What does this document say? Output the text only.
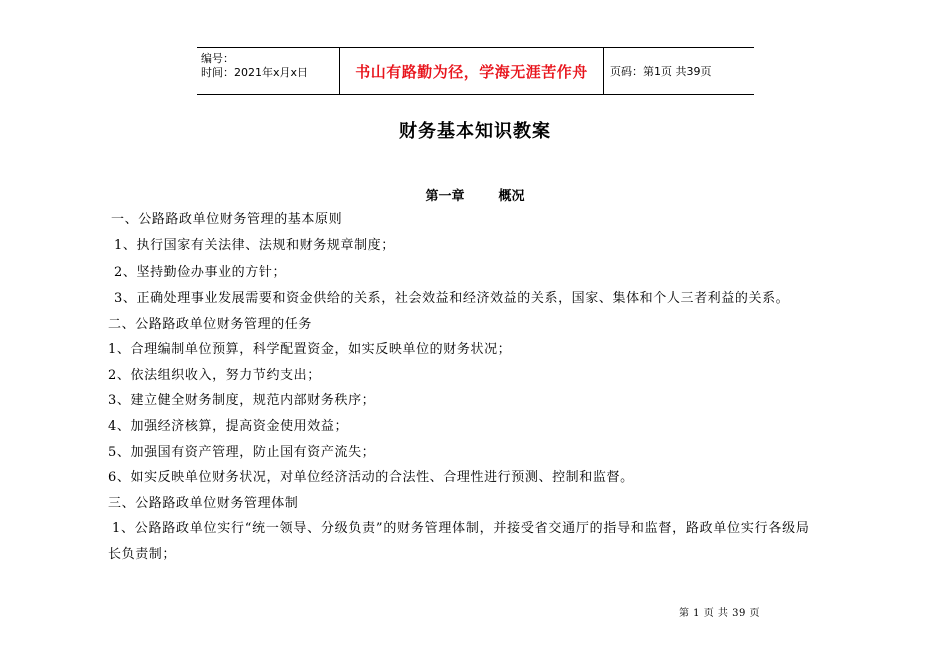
编号：
时间：2021年x月x日	书山有路勤为径，学海无涯苦作舟 页码：第1页 共39页
财务基本知识教案
第一章	概况
一、公路路政单位财务管理的基本原则
1、执行国家有关法律、法规和财务规章制度；
2、坚持勤俭办事业的方针；
3、正确处理事业发展需要和资金供给的关系，社会效益和经济效益的关系，国家、集体和个人三者利益的关系。
二、公路路政单位财务管理的任务
1、合理编制单位预算，科学配置资金，如实反映单位的财务状况；
2、依法组织收入，努力节约支出；
3、建立健全财务制度，规范内部财务秩序；
4、加强经济核算，提高资金使用效益；
5、加强国有资产管理，防止国有资产流失；
6、如实反映单位财务状况，对单位经济活动的合法性、合理性进行预测、控制和监督。
三、公路路政单位财务管理体制
1、公路路政单位实行“统一领导、分级负责”的财务管理体制，并接受省交通厅的指导和监督，路政单位实行各级局
长负责制；
第 1 页 共 39 页
